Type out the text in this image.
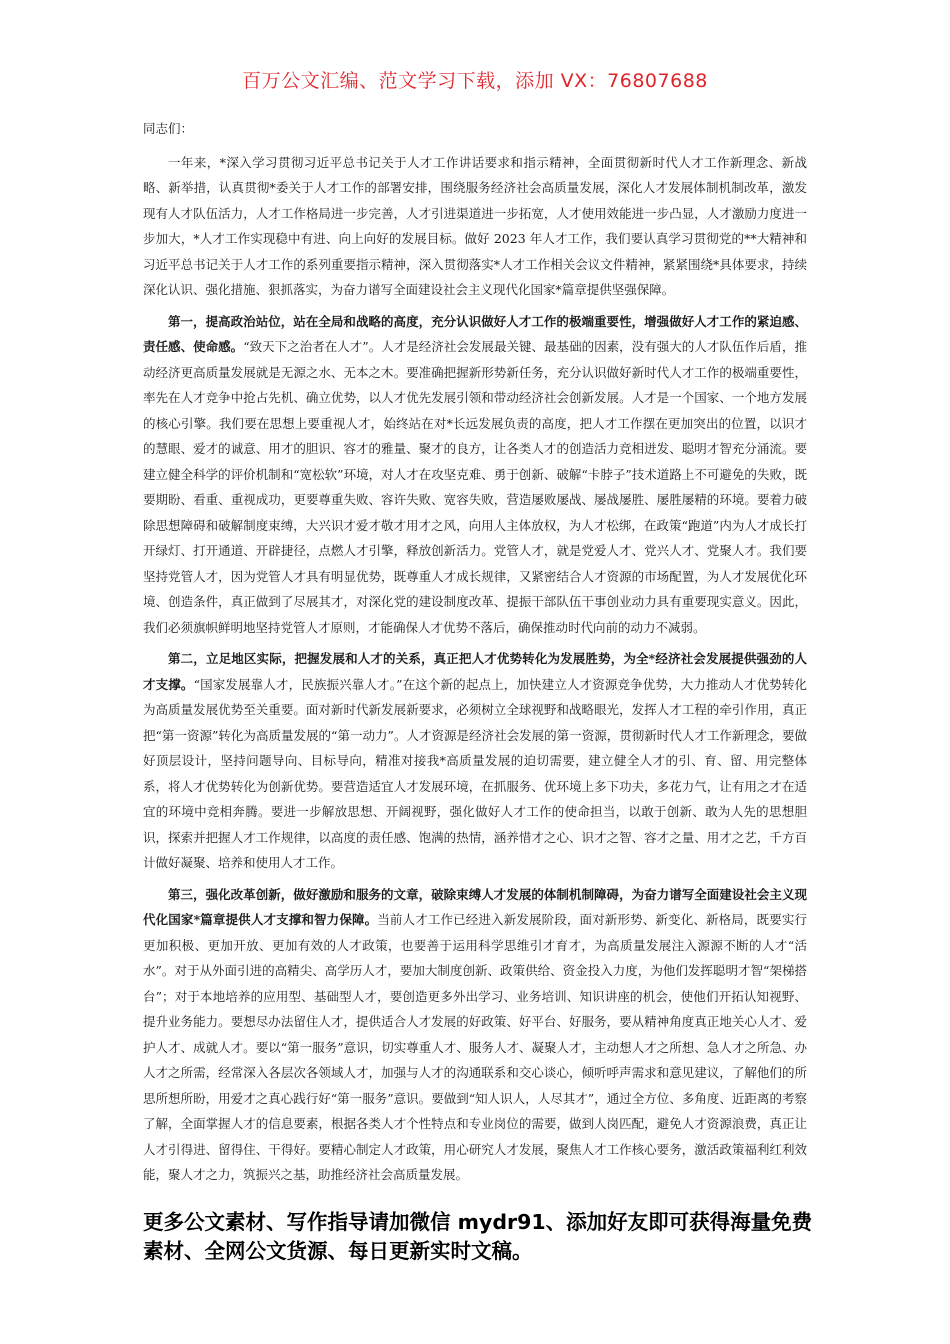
百万公文汇编、范文学习下载，添加 VX：76807688

同志们：

一年来，*深入学习贯彻习近平总书记关于人才工作讲话要求和指示精神，全面贯彻新时代人才工作新理念、新战略、新举措，认真贯彻*委关于人才工作的部署安排，围绕服务经济社会高质量发展，深化人才发展体制机制改革，激发现有人才队伍活力，人才工作格局进一步完善，人才引进渠道进一步拓宽，人才使用效能进一步凸显，人才激励力度进一步加大，*人才工作实现稳中有进、向上向好的发展目标。做好 2023 年人才工作，我们要认真学习贯彻党的**大精神和习近平总书记关于人才工作的系列重要指示精神，深入贯彻落实*人才工作相关会议文件精神，紧紧围绕*具体要求，持续深化认识、强化措施、狠抓落实，为奋力谱写全面建设社会主义现代化国家*篇章提供坚强保障。

第一，提高政治站位，站在全局和战略的高度，充分认识做好人才工作的极端重要性，增强做好人才工作的紧迫感、责任感、使命感。“致天下之治者在人才”。人才是经济社会发展最关键、最基础的因素，没有强大的人才队伍作后盾，推动经济更高质量发展就是无源之水、无本之木。要准确把握新形势新任务，充分认识做好新时代人才工作的极端重要性，率先在人才竞争中抢占先机、确立优势，以人才优先发展引领和带动经济社会创新发展。人才是一个国家、一个地方发展的核心引擎。我们要在思想上要重视人才，始终站在对*长远发展负责的高度，把人才工作摆在更加突出的位置，以识才的慧眼、爱才的诚意、用才的胆识、容才的雅量、聚才的良方，让各类人才的创造活力竞相迸发、聪明才智充分涌流。要建立健全科学的评价机制和“宽松软”环境，对人才在攻坚克难、勇于创新、破解“卡脖子”技术道路上不可避免的失败，既要期盼、看重、重视成功，更要尊重失败、容许失败、宽容失败，营造屡败屡战、屡战屡胜、屡胜屡精的环境。要着力破除思想障碍和破解制度束缚，大兴识才爱才敬才用才之风，向用人主体放权，为人才松绑，在政策“跑道”内为人才成长打开绿灯、打开通道、开辟捷径，点燃人才引擎，释放创新活力。党管人才，就是党爱人才、党兴人才、党聚人才。我们要坚持党管人才，因为党管人才具有明显优势，既尊重人才成长规律，又紧密结合人才资源的市场配置，为人才发展优化环境、创造条件，真正做到了尽展其才，对深化党的建设制度改革、提振干部队伍干事创业动力具有重要现实意义。因此，我们必须旗帜鲜明地坚持党管人才原则，才能确保人才优势不落后，确保推动时代向前的动力不减弱。

第二，立足地区实际，把握发展和人才的关系，真正把人才优势转化为发展胜势，为全*经济社会发展提供强劲的人才支撑。“国家发展靠人才，民族振兴靠人才。”在这个新的起点上，加快建立人才资源竞争优势，大力推动人才优势转化为高质量发展优势至关重要。面对新时代新发展新要求，必须树立全球视野和战略眼光，发挥人才工程的牵引作用，真正把“第一资源”转化为高质量发展的“第一动力”。人才资源是经济社会发展的第一资源，贯彻新时代人才工作新理念，要做好顶层设计，坚持问题导向、目标导向，精准对接我*高质量发展的迫切需要，建立健全人才的引、育、留、用完整体系，将人才优势转化为创新优势。要营造适宜人才发展环境，在抓服务、优环境上多下功夫，多花力气，让有用之才在适宜的环境中竞相奔腾。要进一步解放思想、开阔视野，强化做好人才工作的使命担当，以敢于创新、敢为人先的思想胆识，探索并把握人才工作规律，以高度的责任感、饱满的热情，涵养惜才之心、识才之智、容才之量、用才之艺，千方百计做好凝聚、培养和使用人才工作。

第三，强化改革创新，做好激励和服务的文章，破除束缚人才发展的体制机制障碍，为奋力谱写全面建设社会主义现代化国家*篇章提供人才支撑和智力保障。当前人才工作已经进入新发展阶段，面对新形势、新变化、新格局，既要实行更加积极、更加开放、更加有效的人才政策，也要善于运用科学思维引才育才，为高质量发展注入源源不断的人才“活水”。对于从外面引进的高精尖、高学历人才，要加大制度创新、政策供给、资金投入力度，为他们发挥聪明才智“架梯搭台”；对于本地培养的应用型、基础型人才，要创造更多外出学习、业务培训、知识讲座的机会，使他们开拓认知视野、提升业务能力。要想尽办法留住人才，提供适合人才发展的好政策、好平台、好服务，要从精神角度真正地关心人才、爱护人才、成就人才。要以“第一服务”意识，切实尊重人才、服务人才、凝聚人才，主动想人才之所想、急人才之所急、办人才之所需，经常深入各层次各领域人才，加强与人才的沟通联系和交心谈心，倾听呼声需求和意见建议，了解他们的所思所想所盼，用爱才之真心践行好“第一服务”意识。要做到“知人识人，人尽其才”，通过全方位、多角度、近距离的考察了解，全面掌握人才的信息要素，根据各类人才个性特点和专业岗位的需要，做到人岗匹配，避免人才资源浪费，真正让人才引得进、留得住、干得好。要精心制定人才政策，用心研究人才发展，聚焦人才工作核心要务，激活政策福利红利效能，聚人才之力，筑振兴之基，助推经济社会高质量发展。

更多公文素材、写作指导请加微信 mydr91、添加好友即可获得海量免费素材、全网公文货源、每日更新实时文稿。
